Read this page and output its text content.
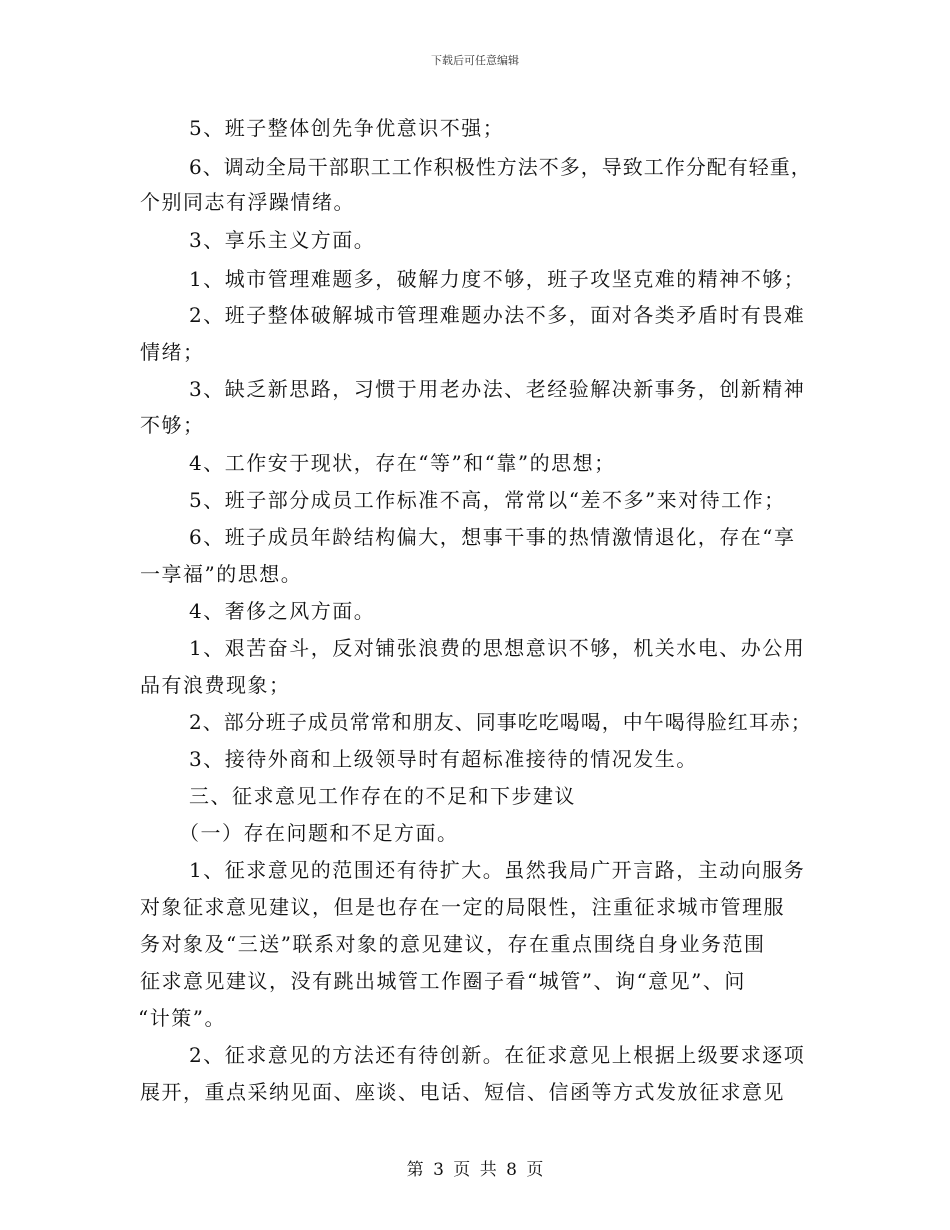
下载后可任意编辑
5、班子整体创先争优意识不强；
6、调动全局干部职工工作积极性方法不多，导致工作分配有轻重，
个别同志有浮躁情绪。
3、享乐主义方面。
1、城市管理难题多，破解力度不够，班子攻坚克难的精神不够；
2、班子整体破解城市管理难题办法不多，面对各类矛盾时有畏难
情绪；
3、缺乏新思路，习惯于用老办法、老经验解决新事务，创新精神
不够；
4、工作安于现状，存在“等”和“靠”的思想；
5、班子部分成员工作标准不高，常常以“差不多”来对待工作；
6、班子成员年龄结构偏大，想事干事的热情激情退化，存在“享
一享福”的思想。
4、奢侈之风方面。
1、艰苦奋斗，反对铺张浪费的思想意识不够，机关水电、办公用
品有浪费现象；
2、部分班子成员常常和朋友、同事吃吃喝喝，中午喝得脸红耳赤；
3、接待外商和上级领导时有超标准接待的情况发生。
三、征求意见工作存在的不足和下步建议
（一）存在问题和不足方面。
1、征求意见的范围还有待扩大。虽然我局广开言路，主动向服务
对象征求意见建议，但是也存在一定的局限性，注重征求城市管理服
务对象及“三送”联系对象的意见建议，存在重点围绕自身业务范围
征求意见建议，没有跳出城管工作圈子看“城管”、询“意见”、问
“计策”。
2、征求意见的方法还有待创新。在征求意见上根据上级要求逐项
展开，重点采纳见面、座谈、电话、短信、信函等方式发放征求意见
第 3 页 共 8 页
